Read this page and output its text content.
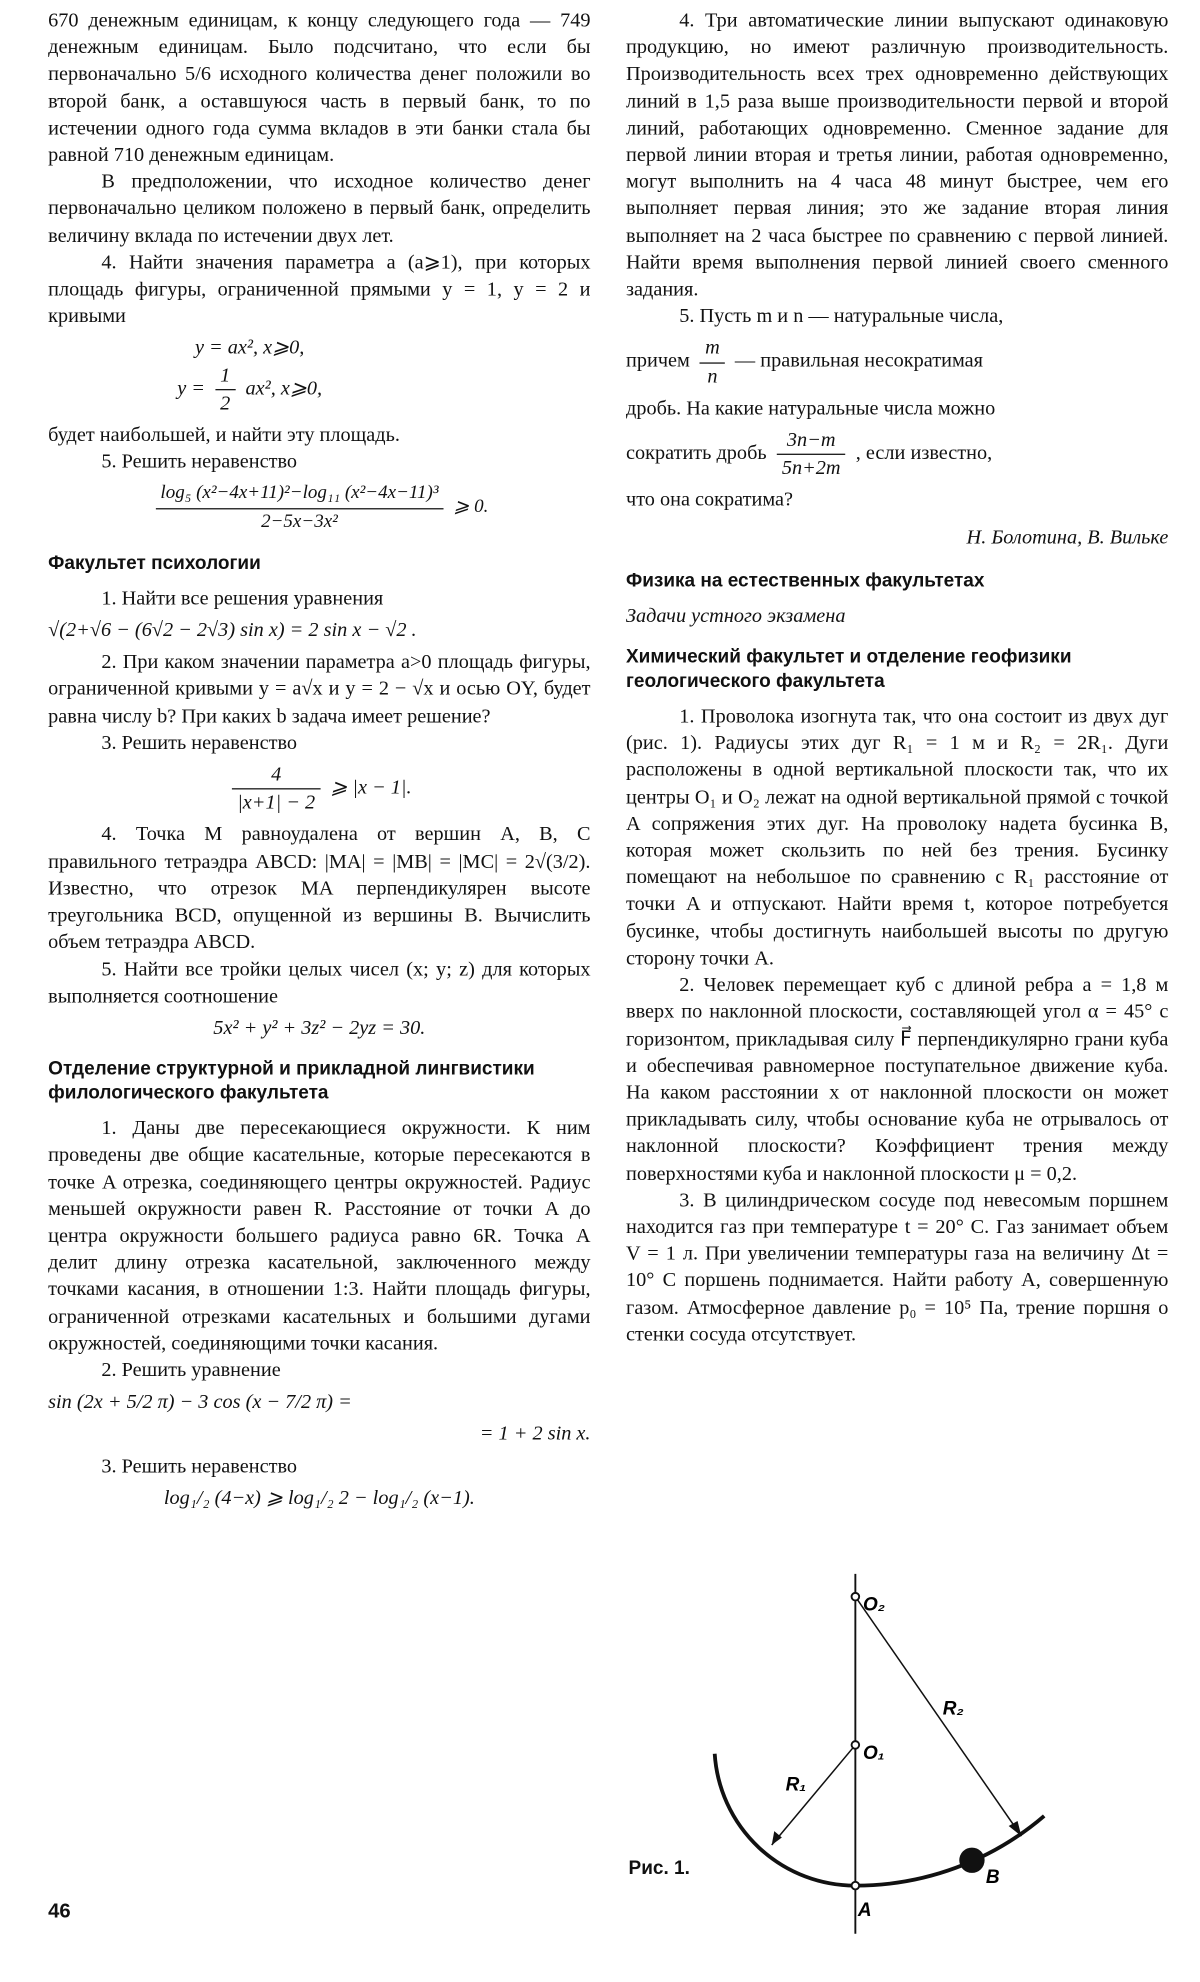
670 денежным единицам, к концу следующего года — 749 денежным единицам. Было подсчитано, что если бы первоначально 5/6 исходного количества денег положили во второй банк, а оставшуюся часть в первый банк, то по истечении одного года сумма вкладов в эти банки стала бы равной 710 денежным единицам.

В предположении, что исходное количество денег первоначально целиком положено в первый банк, определить величину вклада по истечении двух лет.

4. Найти значения параметра a (a⩾1), при которых площадь фигуры, ограниченной прямыми y = 1, y = 2 и кривыми

y = ax², x⩾0,
$y = \frac{1}{2} ax^2$, x⩾0,

будет наибольшей, и найти эту площадь.

5. Решить неравенство

$\frac{\text{log₅ (x²−4x+11)²−log₁₁ (x²−4x−11)³}}{\text{2−5x−3x²}}$ ⩾ 0.
Факультет психологии

1. Найти все решения уравнения

√(2+√6 − (6√2 − 2√3) sin x) = 2 sin x − √2 .

2. При каком значении параметра a>0 площадь фигуры, ограниченной кривыми y = a√x и y = 2 − √x и осью OY, будет равна числу b? При каких b задача имеет решение?

3. Решить неравенство

$\frac{4}{|x+1| - 2}$ ⩾ |x − 1|.

4. Точка M равноудалена от вершин A, B, C правильного тетраэдра ABCD: |MA| = |MB| = |MC| = 2√(3/2). Известно, что отрезок MA перпендикулярен высоте треугольника BCD, опущенной из вершины B. Вычислить объем тетраэдра ABCD.

5. Найти все тройки целых чисел (x; y; z) для которых выполняется соотношение

5x² + y² + 3z² − 2yz = 30.
Отделение структурной и прикладной лингвистики филологического факультета

1. Даны две пересекающиеся окружности. К ним проведены две общие касательные, которые пересекаются в точке A отрезка, соединяющего центры окружностей. Радиус меньшей окружности равен R. Расстояние от точки A до центра окружности большего радиуса равно 6R. Точка A делит длину отрезка касательной, заключенного между точками касания, в отношении 1:3. Найти площадь фигуры, ограниченной отрезками касательных и большими дугами окружностей, соединяющими точки касания.

2. Решить уравнение

sin (2x + 5/2 π) − 3 cos (x − 7/2 π) =
= 1 + 2 sin x.

3. Решить неравенство

log₁/₂ (4−x) ⩾ log₁/₂ 2 − log₁/₂ (x−1).

4. Три автоматические линии выпускают одинаковую продукцию, но имеют различную производительность. Производительность всех трех одновременно действующих линий в 1,5 раза выше производительности первой и второй линий, работающих одновременно. Сменное задание для первой линии вторая и третья линии, работая одновременно, могут выполнить на 4 часа 48 минут быстрее, чем его выполняет первая линия; это же задание вторая линия выполняет на 2 часа быстрее по сравнению с первой линией. Найти время выполнения первой линией своего сменного задания.

5. Пусть m и n — натуральные числа,

причем $\frac{m}{n}$ — правильная несократимая

дробь. На какие натуральные числа можно

сократить дробь $\frac{3n-m}{5n+2m}$ , если известно,

что она сократима?

Н. Болотина, В. Вильке
Физика на естественных факультетах
Задачи устного экзамена
Химический факультет и отделение геофизики геологического факультета

1. Проволока изогнута так, что она состоит из двух дуг (рис. 1). Радиусы этих дуг R₁ = 1 м и R₂ = 2R₁. Дуги расположены в одной вертикальной плоскости так, что их центры O₁ и O₂ лежат на одной вертикальной прямой с точкой A сопряжения этих дуг. На проволоку надета бусинка B, которая может скользить по ней без трения. Бусинку помещают на небольшое по сравнению с R₁ расстояние от точки A и отпускают. Найти время t, которое потребуется бусинке, чтобы достигнуть наибольшей высоты по другую сторону точки A.

2. Человек перемещает куб с длиной ребра a = 1,8 м вверх по наклонной плоскости, составляющей угол α = 45° с горизонтом, прикладывая силу F⃗ перпендикулярно грани куба и обеспечивая равномерное поступательное движение куба. На каком расстоянии x от наклонной плоскости он может прикладывать силу, чтобы основание куба не отрывалось от наклонной плоскости? Коэффициент трения между поверхностями куба и наклонной плоскости μ = 0,2.

3. В цилиндрическом сосуде под невесомым поршнем находится газ при температуре t = 20° C. Газ занимает объем V = 1 л. При увеличении температуры газа на величину Δt = 10° C поршень поднимается. Найти работу A, совершенную газом. Атмосферное давление p₀ = 10⁵ Па, трение поршня о стенки сосуда отсутствует.

O₂
O₁
R₁
R₂
A
B
Рис. 1.
46
